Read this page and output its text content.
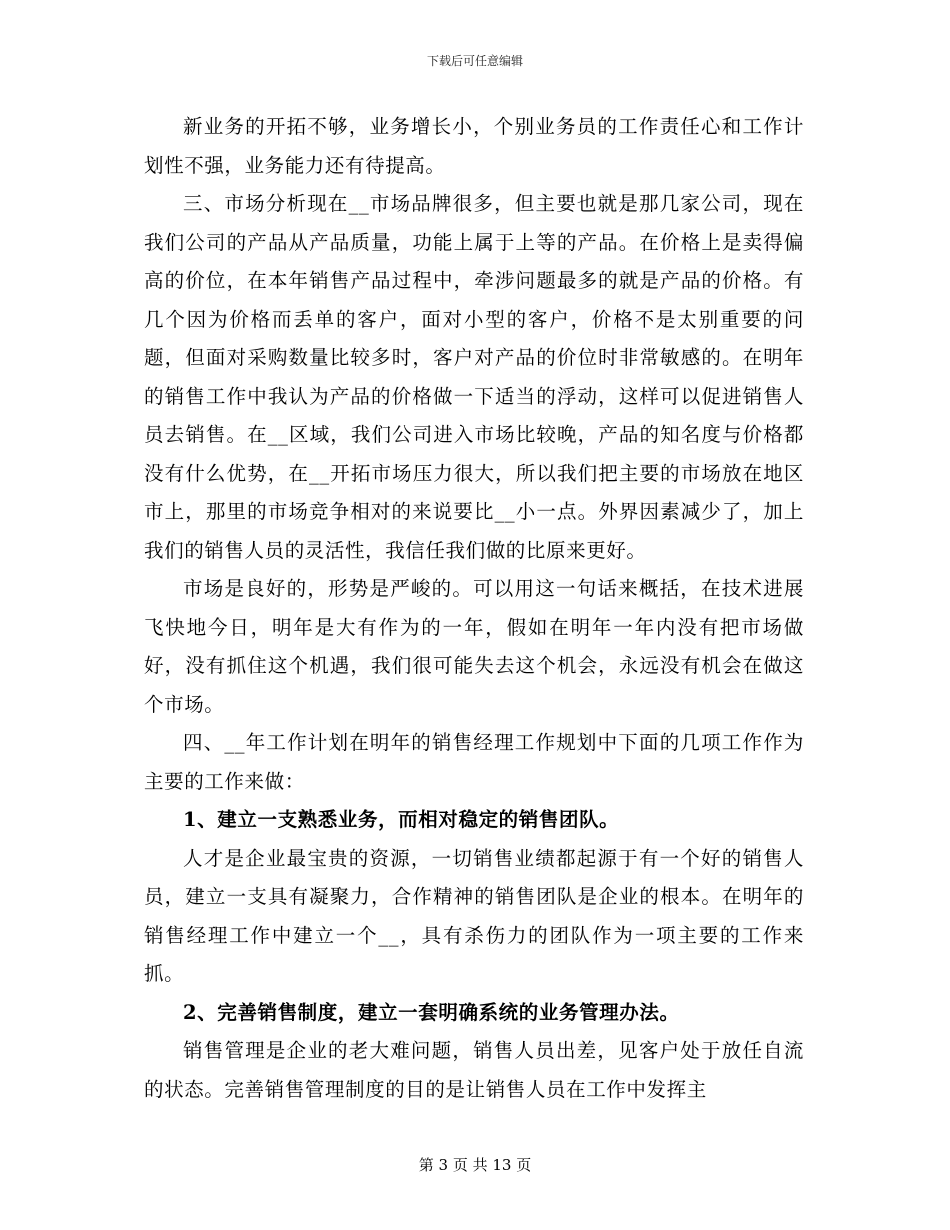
下载后可任意编辑

新业务的开拓不够，业务增长小，个别业务员的工作责任心和工作计划性不强，业务能力还有待提高。

三、市场分析现在__市场品牌很多，但主要也就是那几家公司，现在我们公司的产品从产品质量，功能上属于上等的产品。在价格上是卖得偏高的价位，在本年销售产品过程中，牵涉问题最多的就是产品的价格。有几个因为价格而丢单的客户，面对小型的客户，价格不是太别重要的问题，但面对采购数量比较多时，客户对产品的价位时非常敏感的。在明年的销售工作中我认为产品的价格做一下适当的浮动，这样可以促进销售人员去销售。在__区域，我们公司进入市场比较晚，产品的知名度与价格都没有什么优势，在__开拓市场压力很大，所以我们把主要的市场放在地区市上，那里的市场竞争相对的来说要比__小一点。外界因素减少了，加上我们的销售人员的灵活性，我信任我们做的比原来更好。

市场是良好的，形势是严峻的。可以用这一句话来概括，在技术进展飞快地今日，明年是大有作为的一年，假如在明年一年内没有把市场做好，没有抓住这个机遇，我们很可能失去这个机会，永远没有机会在做这个市场。

四、__年工作计划在明年的销售经理工作规划中下面的几项工作作为主要的工作来做：

1、建立一支熟悉业务，而相对稳定的销售团队。

人才是企业最宝贵的资源，一切销售业绩都起源于有一个好的销售人员，建立一支具有凝聚力，合作精神的销售团队是企业的根本。在明年的销售经理工作中建立一个__，具有杀伤力的团队作为一项主要的工作来抓。

2、完善销售制度，建立一套明确系统的业务管理办法。

销售管理是企业的老大难问题，销售人员出差，见客户处于放任自流的状态。完善销售管理制度的目的是让销售人员在工作中发挥主

第 3 页 共 13 页
